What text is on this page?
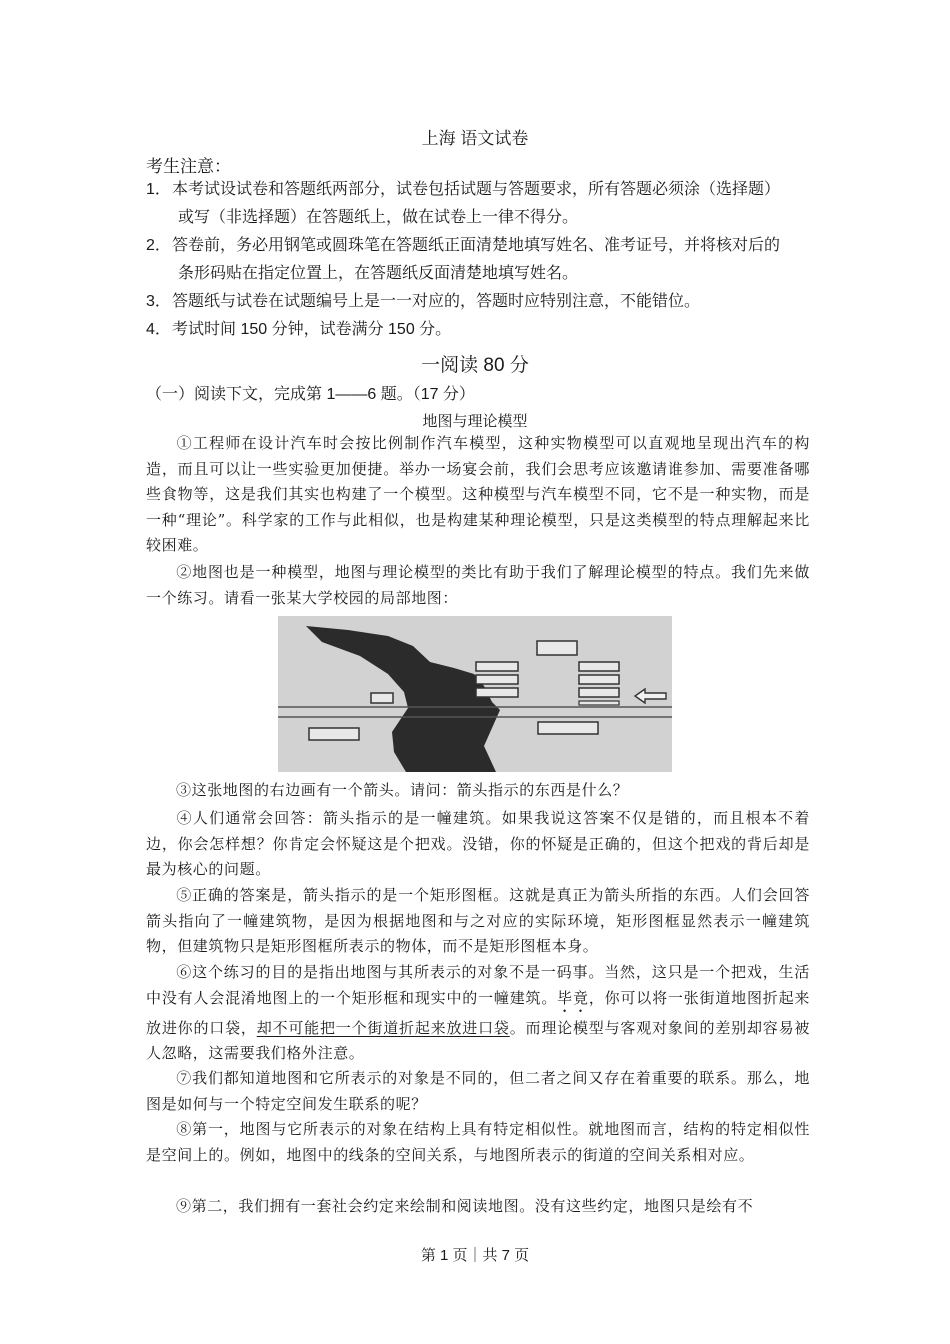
上海 语文试卷
考生注意：
1．本考试设试卷和答题纸两部分，试卷包括试题与答题要求，所有答题必须涂（选择题）
或写（非选择题）在答题纸上，做在试卷上一律不得分。
2．答卷前，务必用钢笔或圆珠笔在答题纸正面清楚地填写姓名、准考证号，并将核对后的
条形码贴在指定位置上，在答题纸反面清楚地填写姓名。
3．答题纸与试卷在试题编号上是一一对应的，答题时应特别注意，不能错位。
4．考试时间 150 分钟，试卷满分 150 分。
一阅读 80 分
（一）阅读下文，完成第 1——6 题。（17 分）
地图与理论模型
①工程师在设计汽车时会按比例制作汽车模型，这种实物模型可以直观地呈现出汽车的构造，而且可以让一些实验更加便捷。举办一场宴会前，我们会思考应该邀请谁参加、需要准备哪些食物等，这是我们其实也构建了一个模型。这种模型与汽车模型不同，它不是一种实物，而是一种“理论”。科学家的工作与此相似，也是构建某种理论模型，只是这类模型的特点理解起来比较困难。
②地图也是一种模型，地图与理论模型的类比有助于我们了解理论模型的特点。我们先来做一个练习。请看一张某大学校园的局部地图：
③这张地图的右边画有一个箭头。请问：箭头指示的东西是什么？
④人们通常会回答：箭头指示的是一幢建筑。如果我说这答案不仅是错的，而且根本不着边，你会怎样想？你肯定会怀疑这是个把戏。没错，你的怀疑是正确的，但这个把戏的背后却是最为核心的问题。
⑤正确的答案是，箭头指示的是一个矩形图框。这就是真正为箭头所指的东西。人们会回答箭头指向了一幢建筑物，是因为根据地图和与之对应的实际环境，矩形图框显然表示一幢建筑物，但建筑物只是矩形图框所表示的物体，而不是矩形图框本身。
⑥这个练习的目的是指出地图与其所表示的对象不是一码事。当然，这只是一个把戏，生活中没有人会混淆地图上的一个矩形框和现实中的一幢建筑。毕竟，你可以将一张街道地图折起来放进你的口袋，却不可能把一个街道折起来放进口袋。而理论模型与客观对象间的差别却容易被人忽略，这需要我们格外注意。
⑦我们都知道地图和它所表示的对象是不同的，但二者之间又存在着重要的联系。那么，地图是如何与一个特定空间发生联系的呢？
⑧第一，地图与它所表示的对象在结构上具有特定相似性。就地图而言，结构的特定相似性是空间上的。例如，地图中的线条的空间关系，与地图所表示的街道的空间关系相对应。
⑨第二，我们拥有一套社会约定来绘制和阅读地图。没有这些约定，地图只是绘有不
第 1 页｜共 7 页
